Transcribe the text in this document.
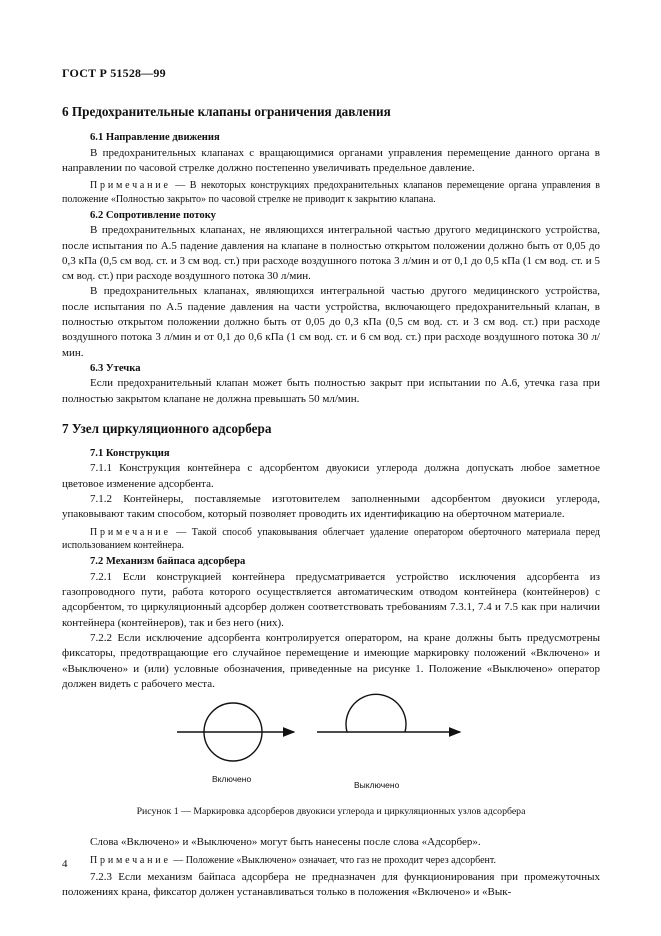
ГОСТ Р 51528—99
6 Предохранительные клапаны ограничения давления
6.1 Направление движения

В предохранительных клапанах с вращающимися органами управления перемещение данного органа в направлении по часовой стрелке должно постепенно увеличивать предельное давление.

Примечание — В некоторых конструкциях предохранительных клапанов перемещение органа управления в положение «Полностью закрыто» по часовой стрелке не приводит к закрытию клапана.

6.2 Сопротивление потоку

В предохранительных клапанах, не являющихся интегральной частью другого медицинского устройства, после испытания по А.5 падение давления на клапане в полностью открытом положении должно быть от 0,05 до 0,3 кПа (0,5 см вод. ст. и 3 см вод. ст.) при расходе воздушного потока 3 л/мин и от 0,1 до 0,5 кПа (1 см вод. ст. и 5 см вод. ст.) при расходе воздушного потока 30 л/мин.

В предохранительных клапанах, являющихся интегральной частью другого медицинского устройства, после испытания по А.5 падение давления на части устройства, включающего предохранительный клапан, в полностью открытом положении должно быть от 0,05 до 0,3 кПа (0,5 см вод. ст. и 3 см вод. ст.) при расходе воздушного потока 3 л/мин и от 0,1 до 0,6 кПа (1 см вод. ст. и 6 см вод. ст.) при расходе воздушного потока 30 л/мин.

6.3 Утечка

Если предохранительный клапан может быть полностью закрыт при испытании по А.6, утечка газа при полностью закрытом клапане не должна превышать 50 мл/мин.

7 Узел циркуляционного адсорбера
7.1 Конструкция

7.1.1 Конструкция контейнера с адсорбентом двуокиси углерода должна допускать любое заметное цветовое изменение адсорбента.

7.1.2 Контейнеры, поставляемые изготовителем заполненными адсорбентом двуокиси углерода, упаковывают таким способом, который позволяет проводить их идентификацию на оберточном материале.

Примечание — Такой способ упаковывания облегчает удаление оператором оберточного материала перед использованием контейнера.

7.2 Механизм байпаса адсорбера

7.2.1 Если конструкцией контейнера предусматривается устройство исключения адсорбента из газопроводного пути, работа которого осуществляется автоматическим отводом контейнера (контейнеров) с адсорбентом, то циркуляционный адсорбер должен соответствовать требованиям 7.3.1, 7.4 и 7.5 как при наличии контейнера (контейнеров), так и без него (них).

7.2.2 Если исключение адсорбента контролируется оператором, на кране должны быть предусмотрены фиксаторы, предотвращающие его случайное перемещение и имеющие маркировку положений «Включено» и «Выключено» и (или) условные обозначения, приведенные на рисунке 1. Положение «Выключено» оператор должен видеть с рабочего места.

Включено
Выключено

Рисунок 1 — Маркировка адсорберов двуокиси углерода и циркуляционных узлов адсорбера

Слова «Включено» и «Выключено» могут быть нанесены после слова «Адсорбер».

Примечание — Положение «Выключено» означает, что газ не проходит через адсорбент.

7.2.3 Если механизм байпаса адсорбера не предназначен для функционирования при промежуточных положениях крана, фиксатор должен устанавливаться только в положения «Включено» и «Вык-

4
